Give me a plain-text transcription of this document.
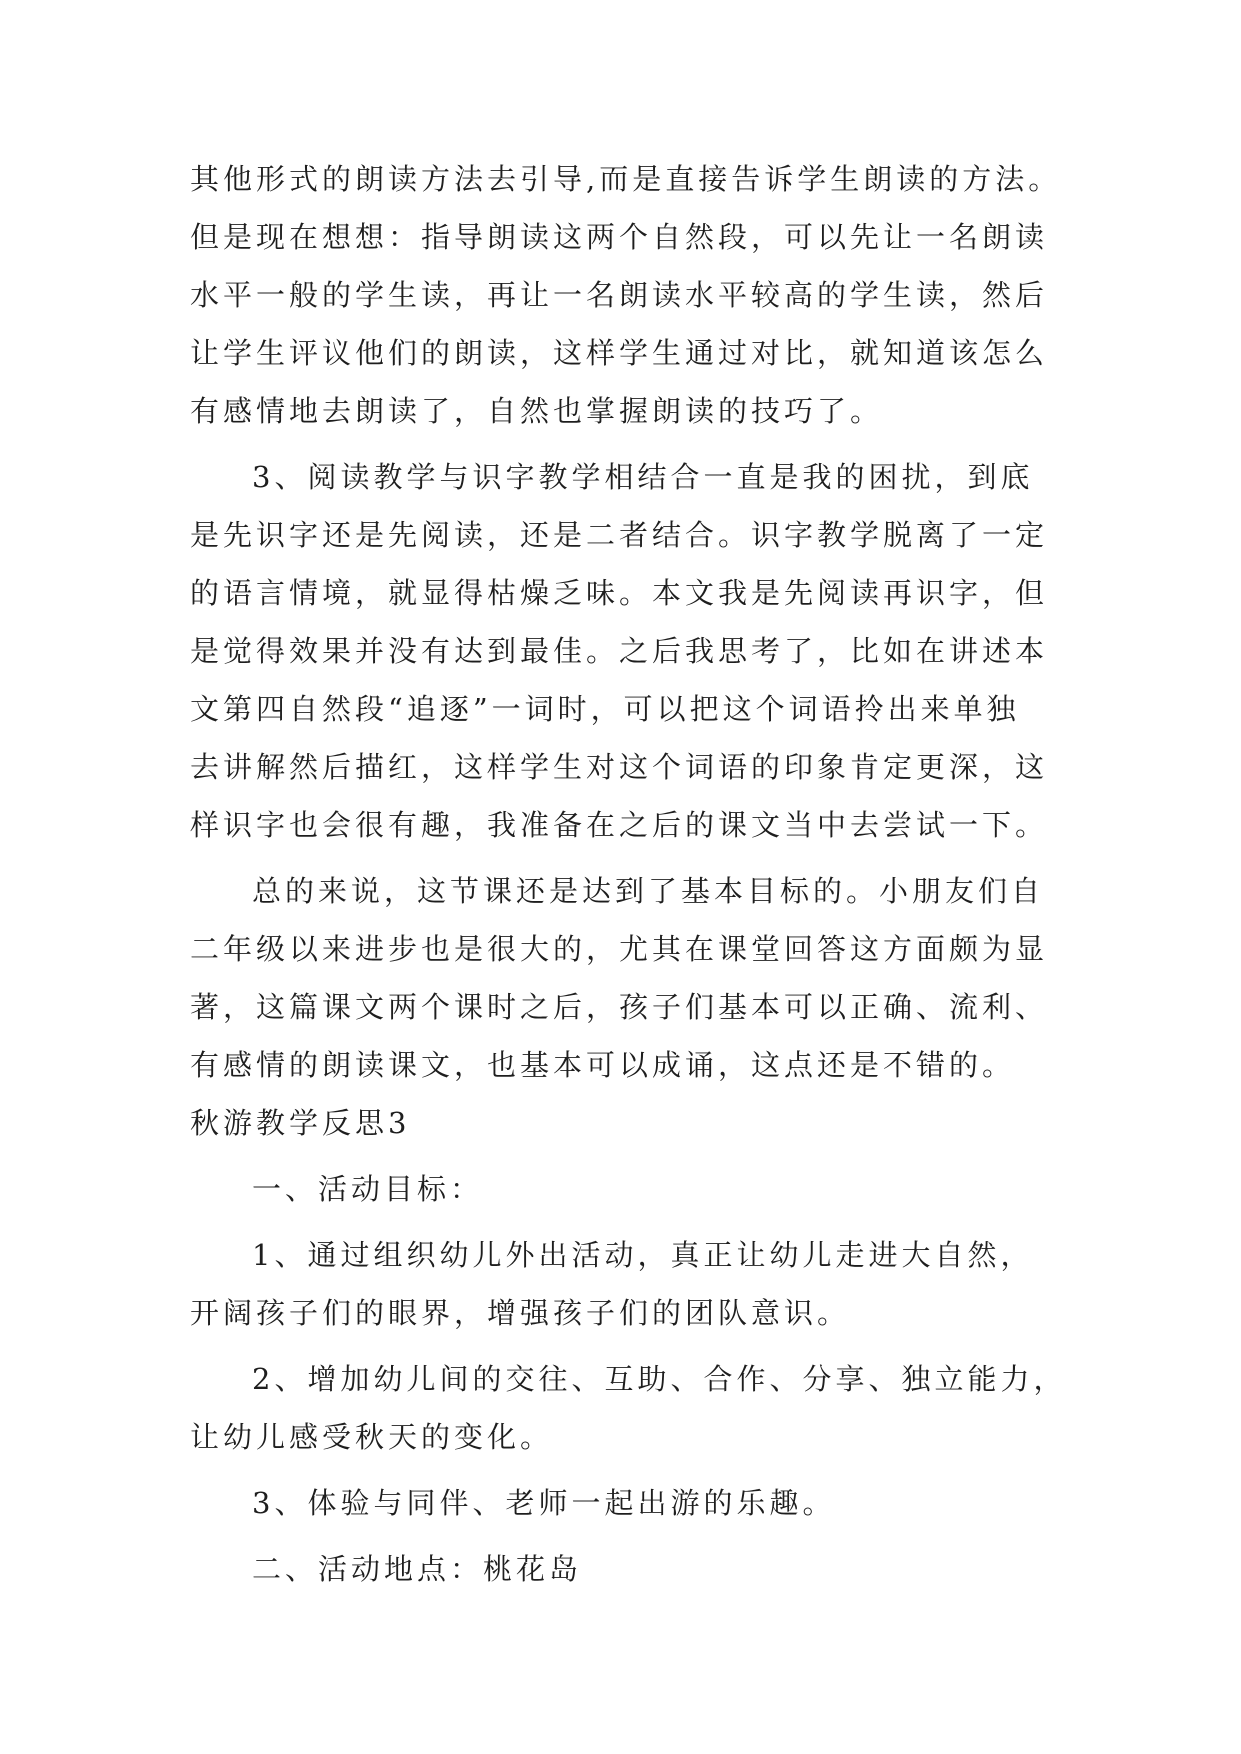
其他形式的朗读方法去引导,而是直接告诉学生朗读的方法。
但是现在想想：指导朗读这两个自然段，可以先让一名朗读
水平一般的学生读，再让一名朗读水平较高的学生读，然后
让学生评议他们的朗读，这样学生通过对比，就知道该怎么
有感情地去朗读了，自然也掌握朗读的技巧了。
3、阅读教学与识字教学相结合一直是我的困扰，到底
是先识字还是先阅读，还是二者结合。识字教学脱离了一定
的语言情境，就显得枯燥乏味。本文我是先阅读再识字，但
是觉得效果并没有达到最佳。之后我思考了，比如在讲述本
文第四自然段“追逐”一词时，可以把这个词语拎出来单独
去讲解然后描红，这样学生对这个词语的印象肯定更深，这
样识字也会很有趣，我准备在之后的课文当中去尝试一下。
总的来说，这节课还是达到了基本目标的。小朋友们自
二年级以来进步也是很大的，尤其在课堂回答这方面颇为显
著，这篇课文两个课时之后，孩子们基本可以正确、流利、
有感情的朗读课文，也基本可以成诵，这点还是不错的。
秋游教学反思3
一、活动目标：
1、通过组织幼儿外出活动，真正让幼儿走进大自然，
开阔孩子们的眼界，增强孩子们的团队意识。
2、增加幼儿间的交往、互助、合作、分享、独立能力，
让幼儿感受秋天的变化。
3、体验与同伴、老师一起出游的乐趣。
二、活动地点：桃花岛
